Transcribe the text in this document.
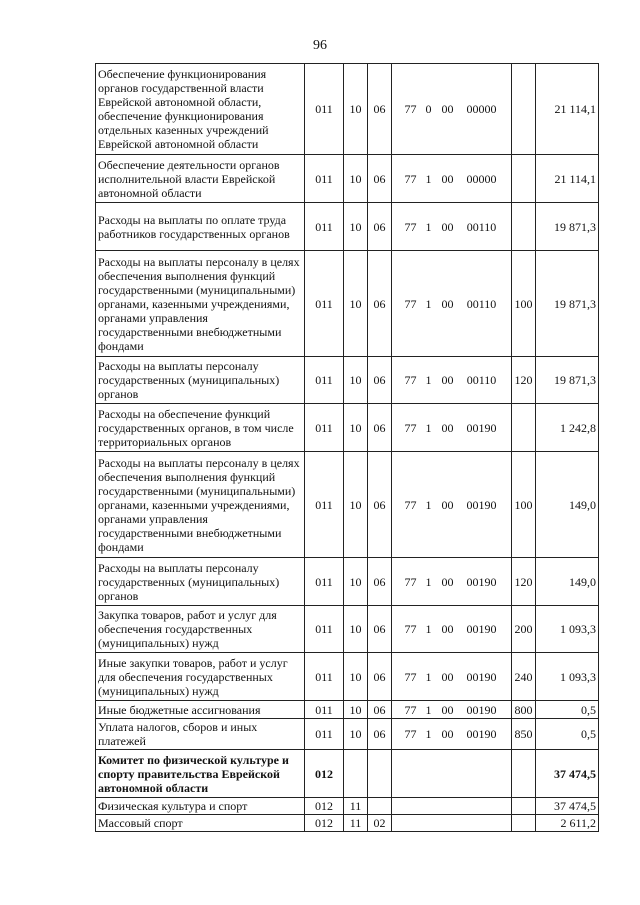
96
Обеспечение функционирования органов государственной власти Еврейской автономной области, обеспечение функционирования отдельных казенных учреждений Еврейской автономной области	011	10	06	77 0 00 00000		21 114,1
Обеспечение деятельности органов исполнительной власти Еврейской автономной области	011	10	06	77 1 00 00000		21 114,1
Расходы на выплаты по оплате труда работников государственных органов	011	10	06	77 1 00 00110		19 871,3
Расходы на выплаты персоналу в целях обеспечения выполнения функций государственными (муниципальными) органами, казенными учреждениями, органами управления государственными внебюджетными фондами	011	10	06	77 1 00 00110	100	19 871,3
Расходы на выплаты персоналу государственных (муниципальных) органов	011	10	06	77 1 00 00110	120	19 871,3
Расходы на обеспечение функций государственных органов, в том числе территориальных органов	011	10	06	77 1 00 00190		1 242,8
Расходы на выплаты персоналу в целях обеспечения выполнения функций государственными (муниципальными) органами, казенными учреждениями, органами управления государственными внебюджетными фондами	011	10	06	77 1 00 00190	100	149,0
Расходы на выплаты персоналу государственных (муниципальных) органов	011	10	06	77 1 00 00190	120	149,0
Закупка товаров, работ и услуг для обеспечения государственных (муниципальных) нужд	011	10	06	77 1 00 00190	200	1 093,3
Иные закупки товаров, работ и услуг для обеспечения государственных (муниципальных) нужд	011	10	06	77 1 00 00190	240	1 093,3
Иные бюджетные ассигнования	011	10	06	77 1 00 00190	800	0,5
Уплата налогов, сборов и иных платежей	011	10	06	77 1 00 00190	850	0,5
Комитет по физической культуре и спорту правительства Еврейской автономной области	012					37 474,5
Физическая культура и спорт	012	11				37 474,5
Массовый спорт	012	11	02			2 611,2
